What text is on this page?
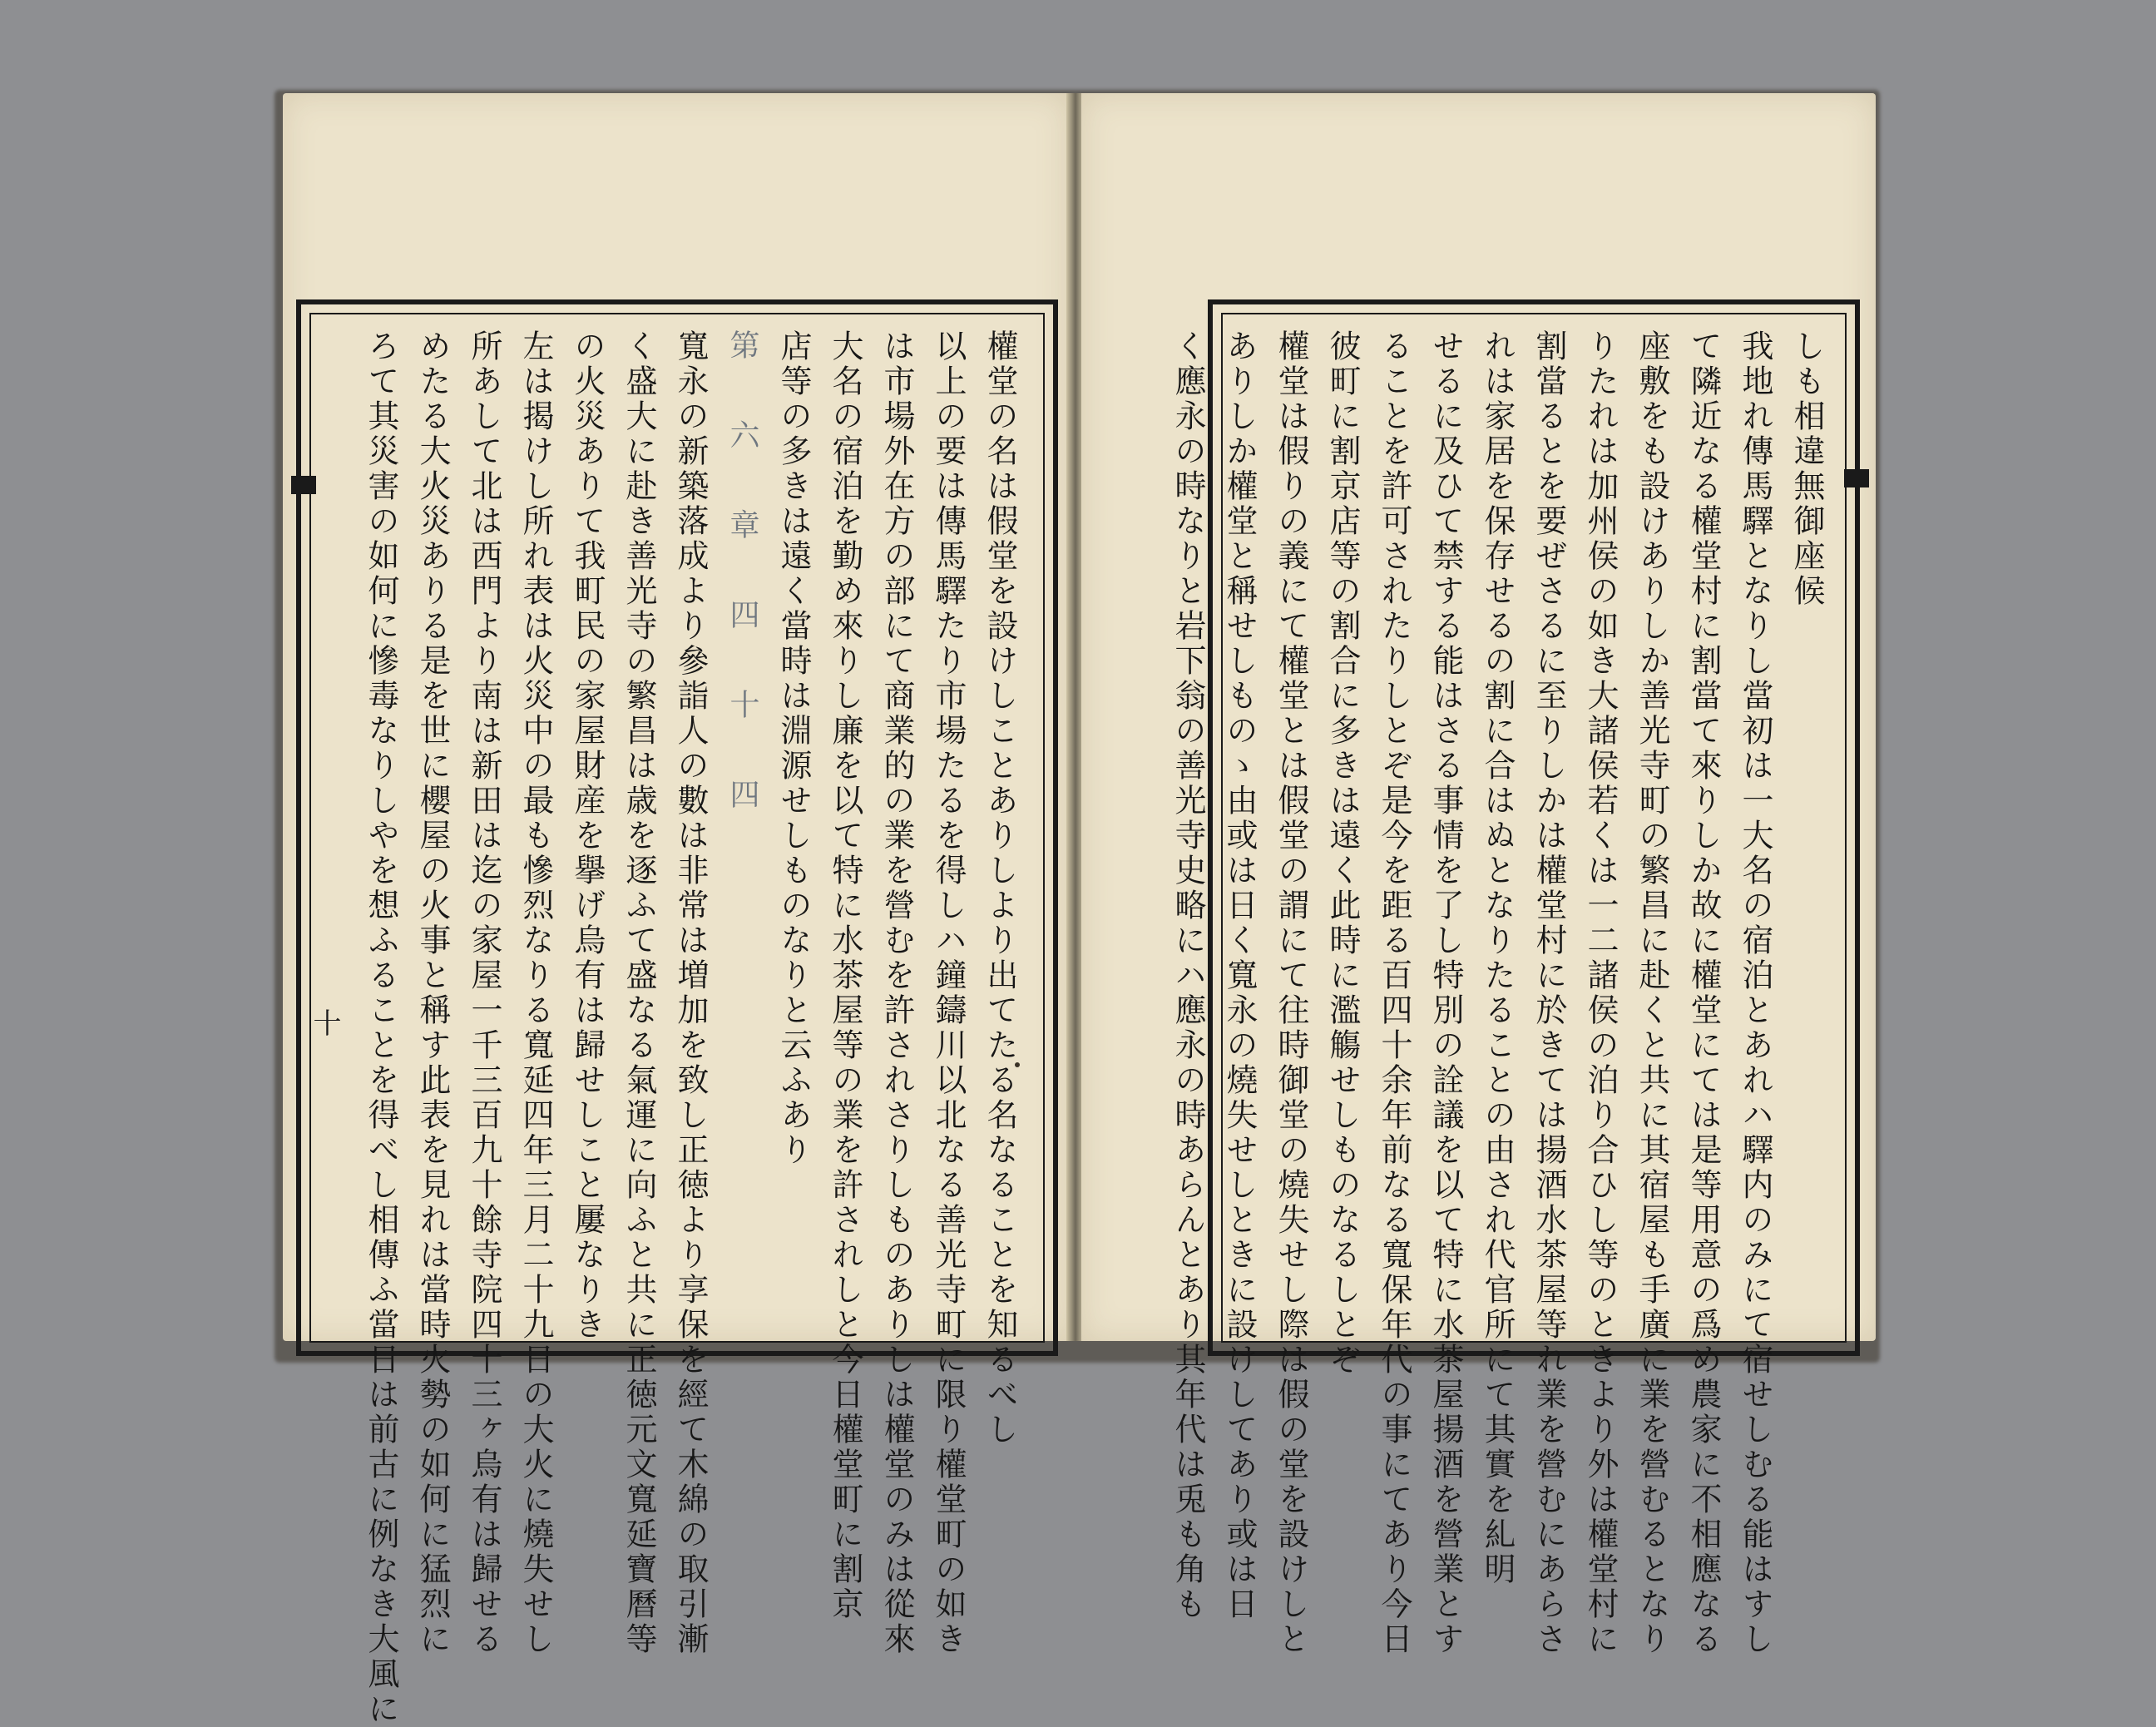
十	權堂の名は假堂を設けしことありしより出てたる名なることを知るべし
以上の要は傳馬驛たり市場たるを得しハ鐘鑄川以北なる善光寺町に限り權堂町の如き
は市場外在方の部にて商業的の業を營むを許されさりしものありしは權堂のみは從來
大名の宿泊を勤め來りし廉を以て特に水茶屋等の業を許されしと今日權堂町に割京
店等の多きは遠く當時は淵源せしものなりと云ふあり
第　六　章　四　十　四
寬永の新築落成より參詣人の數は非常は増加を致し正徳より享保を經て木綿の取引漸
く盛大に赴き善光寺の繁昌は歳を逐ふて盛なる氣運に向ふと共に正徳元文寬延寶曆等
の火災ありて我町民の家屋財産を擧げ烏有は歸せしこと屢なりき
左は揭けし所れ表は火災中の最も慘烈なりる寬延四年三月二十九日の大火に燒失せし
所あして北は西門より南は新田は迄の家屋一千三百九十餘寺院四十三ヶ烏有は歸せる
めたる大火災ありる是を世に櫻屋の火事と稱す此表を見れは當時火勢の如何に猛烈に
ろて其災害の如何に慘毒なりしやを想ふることを得べし相傳ふ當日は前古に例なき大風に	しも相違無御座候
我地れ傳馬驛となりし當初は一大名の宿泊とあれハ驛内のみにて宿せしむる能はすし
て隣近なる權堂村に割當て來りしか故に權堂にては是等用意の爲め農家に不相應なる
座敷をも設けありしか善光寺町の繁昌に赴くと共に其宿屋も手廣に業を營むるとなり
りたれは加州侯の如き大諸侯若くは一二諸侯の泊り合ひし等のときより外は權堂村に
割當るとを要ぜさるに至りしかは權堂村に於きては揚酒水茶屋等れ業を營むにあらさ
れは家居を保存せるの割に合はぬとなりたることの由され代官所にて其實を糺明
せるに及ひて禁する能はさる事情を了し特別の詮議を以て特に水茶屋揚酒を營業とす
ることを許可されたりしとぞ是今を距る百四十余年前なる寬保年代の事にてあり今日
彼町に割京店等の割合に多きは遠く此時に濫觴せしものなるしとぞ
權堂は假りの義にて權堂とは假堂の謂にて往時御堂の燒失せし際は假の堂を設けしと
ありしか權堂と稱せしものゝ由或は日く寬永の燒失せしときに設けしてあり或は日
く應永の時なりと岩下翁の善光寺史略にハ應永の時あらんとあり其年代は兎も角も
